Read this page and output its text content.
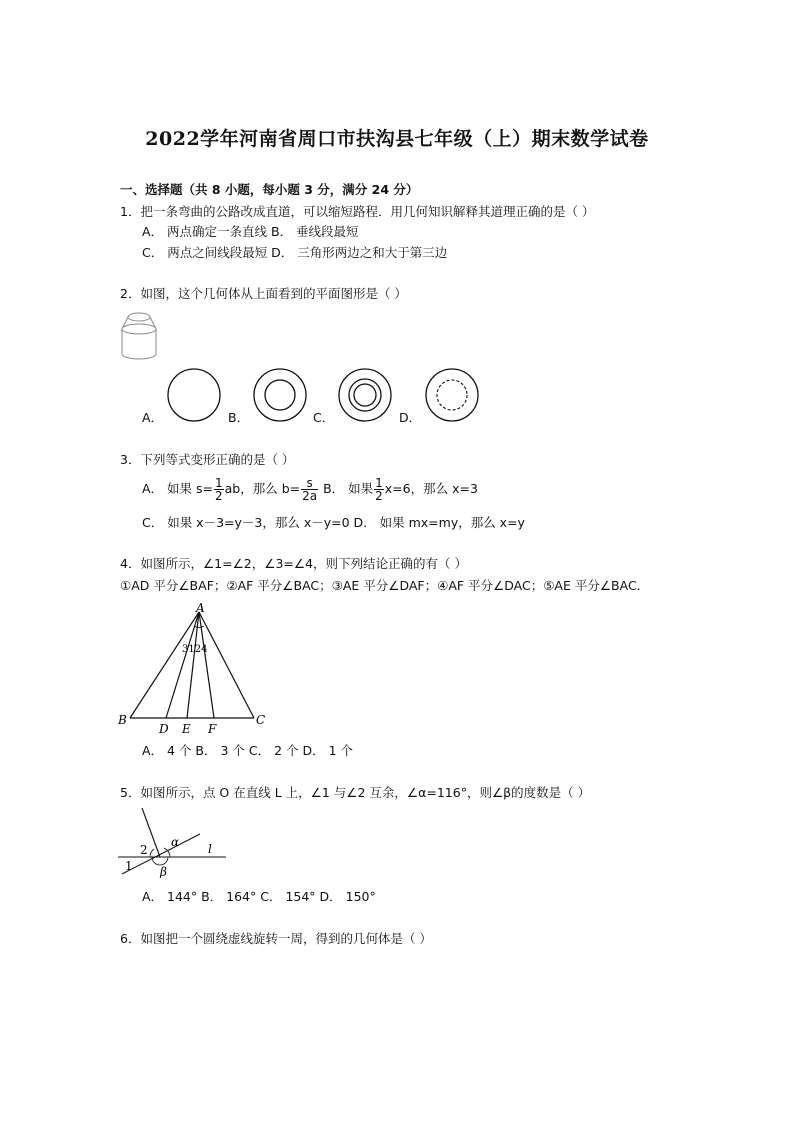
2022学年河南省周口市扶沟县七年级（上）期末数学试卷
一、选择题（共 8 小题，每小题 3 分，满分 24 分）
1．把一条弯曲的公路改成直道，可以缩短路程．用几何知识解释其道理正确的是（ ）
A． 两点确定一条直线 B． 垂线段最短
C． 两点之间线段最短 D． 三角形两边之和大于第三边
2．如图，这个几何体从上面看到的平面图形是（ ）
A．	B．	C．	D．
3．下列等式变形正确的是（ ）
A． 如果 $s= \frac{1}{2}$ ab，那么 $b= \frac{s}{2a}$ B． 如果 $\frac{1}{2} x=6$，那么 x=3
C． 如果 x－3=y－3，那么 x－y=0 D． 如果 mx=my，那么 x=y
4．如图所示，∠1=∠2，∠3=∠4，则下列结论正确的有（ ）
①AD 平分∠BAF；②AF 平分∠BAC；③AE 平分∠DAF；④AF 平分∠DAC；⑤AE 平分∠BAC．
A
B	C
D E F
3124
A． 4 个 B． 3 个 C． 2 个 D． 1 个
5．如图所示，点 O 在直线 L 上，∠1 与∠2 互余，∠α=116°，则∠β的度数是（ ）
1
2
α
β
l
A． 144° B． 164° C． 154° D． 150°
6．如图把一个圆绕虚线旋转一周，得到的几何体是（ ）
